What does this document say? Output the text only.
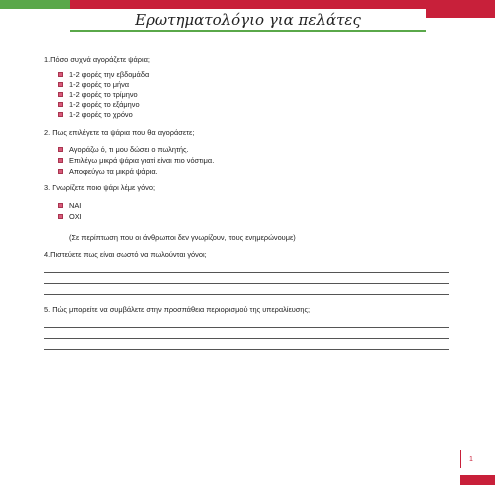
Ερωτηματολόγιο για πελάτες
1.Πόσο συχνά αγοράζετε ψάρια;
1-2 φορές την εβδομάδα
1-2 φορές το μήνα
1-2 φορές το τρίμηνο
1-2 φορές το εξάμηνο
1-2 φορές το χρόνο
2. Πως επιλέγετε τα ψάρια που θα αγοράσετε;
Αγοράζω ό, τι μου δώσει ο πωλητής.
Επιλέγω μικρά ψάρια γιατί είναι πιο νόστιμα.
Αποφεύγω τα μικρά ψάρια.
3. Γνωρίζετε ποιο ψάρι λέμε γόνο;
ΝΑΙ
ΟΧΙ
(Σε περίπτωση που οι άνθρωποι δεν γνωρίζουν, τους ενημερώνουμε)
4.Πιστεύετε πως είναι σωστό να πωλούνται γόνοι;
5. Πώς μπορείτε να συμβάλετε στην προσπάθεια περιορισμού της υπεραλίευσης;
1
